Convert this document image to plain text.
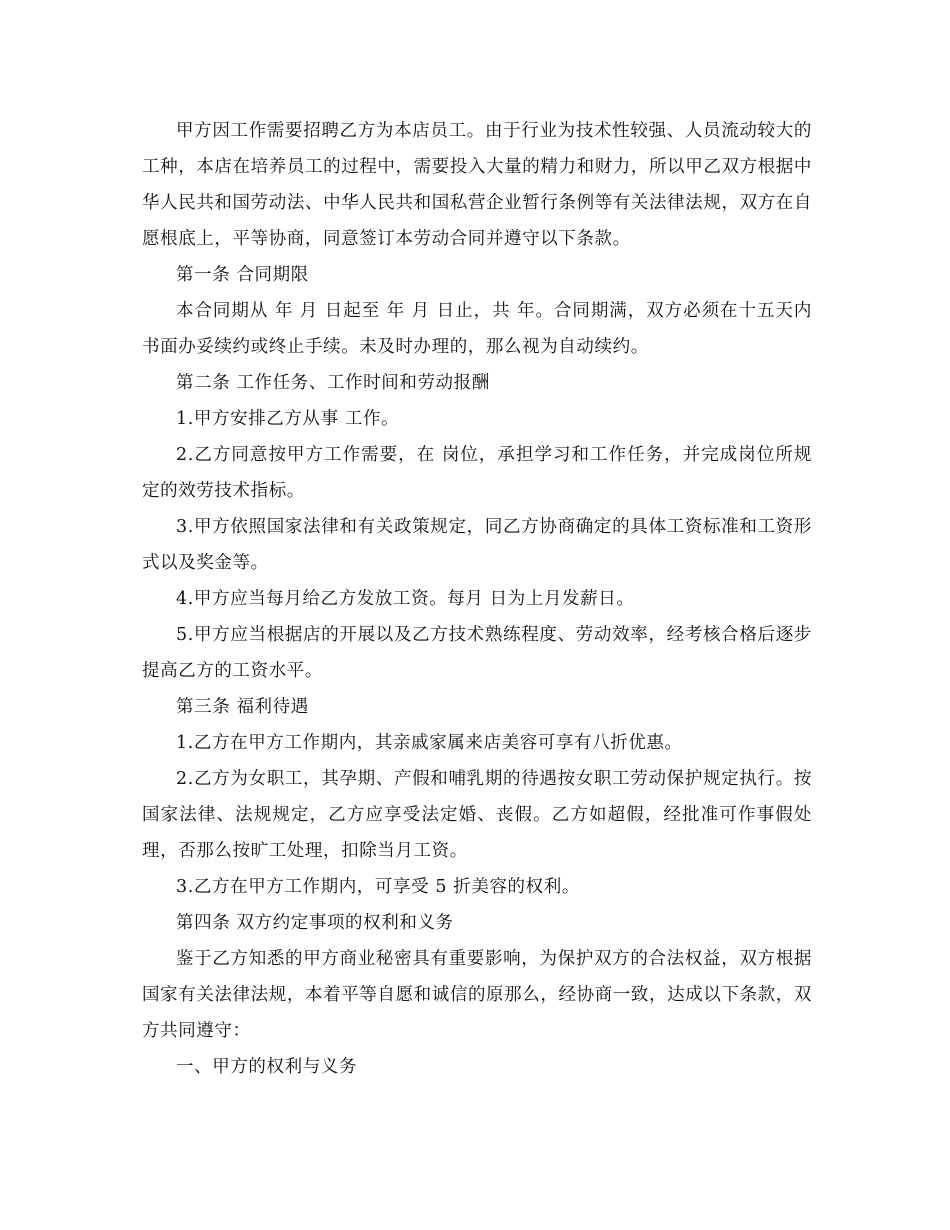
甲方因工作需要招聘乙方为本店员工。由于行业为技术性较强、人员流动较大的工种，本店在培养员工的过程中，需要投入大量的精力和财力，所以甲乙双方根据中华人民共和国劳动法、中华人民共和国私营企业暂行条例等有关法律法规，双方在自愿根底上，平等协商，同意签订本劳动合同并遵守以下条款。

第一条 合同期限

本合同期从 年 月 日起至 年 月 日止，共 年。合同期满，双方必须在十五天内书面办妥续约或终止手续。未及时办理的，那么视为自动续约。

第二条 工作任务、工作时间和劳动报酬

1.甲方安排乙方从事 工作。

2.乙方同意按甲方工作需要，在 岗位，承担学习和工作任务，并完成岗位所规定的效劳技术指标。

3.甲方依照国家法律和有关政策规定，同乙方协商确定的具体工资标准和工资形式以及奖金等。

4.甲方应当每月给乙方发放工资。每月 日为上月发薪日。

5.甲方应当根据店的开展以及乙方技术熟练程度、劳动效率，经考核合格后逐步提高乙方的工资水平。

第三条 福利待遇

1.乙方在甲方工作期内，其亲戚家属来店美容可享有八折优惠。

2.乙方为女职工，其孕期、产假和哺乳期的待遇按女职工劳动保护规定执行。按国家法律、法规规定，乙方应享受法定婚、丧假。乙方如超假，经批准可作事假处理，否那么按旷工处理，扣除当月工资。

3.乙方在甲方工作期内，可享受 5 折美容的权利。

第四条 双方约定事项的权利和义务

鉴于乙方知悉的甲方商业秘密具有重要影响，为保护双方的合法权益，双方根据国家有关法律法规，本着平等自愿和诚信的原那么，经协商一致，达成以下条款，双方共同遵守：

一、甲方的权利与义务
